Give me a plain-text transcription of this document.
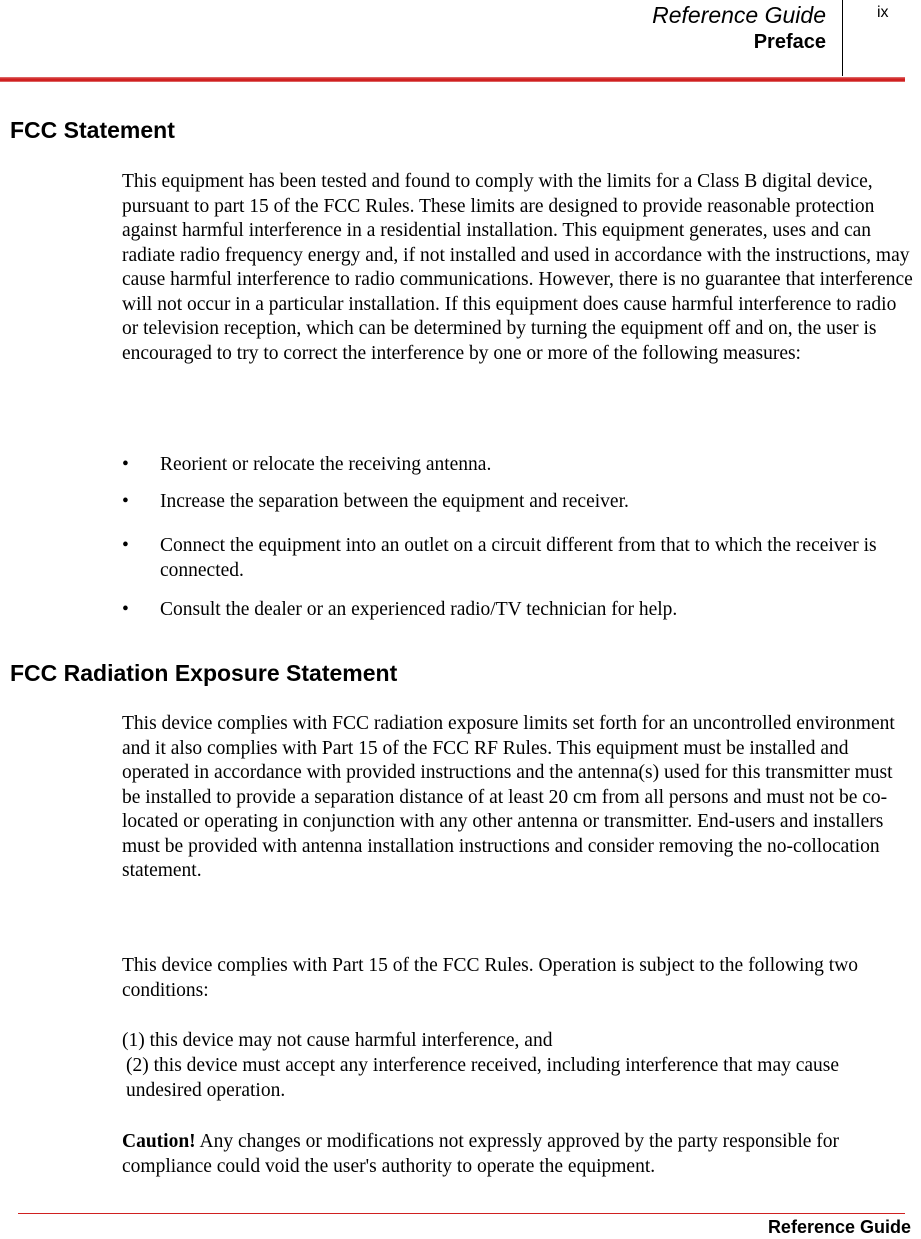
Reference Guide
Preface
ix
FCC Statement

This equipment has been tested and found to comply with the limits for a Class B digital device, pursuant to part 15 of the FCC Rules. These limits are designed to provide reasonable protection against harmful interference in a residential installation. This equipment generates, uses and can radiate radio frequency energy and, if not installed and used in accordance with the instructions, may cause harmful interference to radio communications. However, there is no guarantee that interference will not occur in a particular installation. If this equipment does cause harmful interference to radio or television reception, which can be determined by turning the equipment off and on, the user is encouraged to try to correct the interference by one or more of the following measures:

• Reorient or relocate the receiving antenna.
• Increase the separation between the equipment and receiver.
• Connect the equipment into an outlet on a circuit different from that to which the receiver is connected.
• Consult the dealer or an experienced radio/TV technician for help.
FCC Radiation Exposure Statement

This device complies with FCC radiation exposure limits set forth for an uncontrolled environment and it also complies with Part 15 of the FCC RF Rules. This equipment must be installed and operated in accordance with provided instructions and the antenna(s) used for this transmitter must be installed to provide a separation distance of at least 20 cm from all persons and must not be co-located or operating in conjunction with any other antenna or transmitter. End-users and installers must be provided with antenna installation instructions and consider removing the no-collocation statement.

This device complies with Part 15 of the FCC Rules. Operation is subject to the following two conditions:

(1) this device may not cause harmful interference, and
(2) this device must accept any interference received, including interference that may cause undesired operation.

Caution! Any changes or modifications not expressly approved by the party responsible for compliance could void the user's authority to operate the equipment.

Reference Guide
